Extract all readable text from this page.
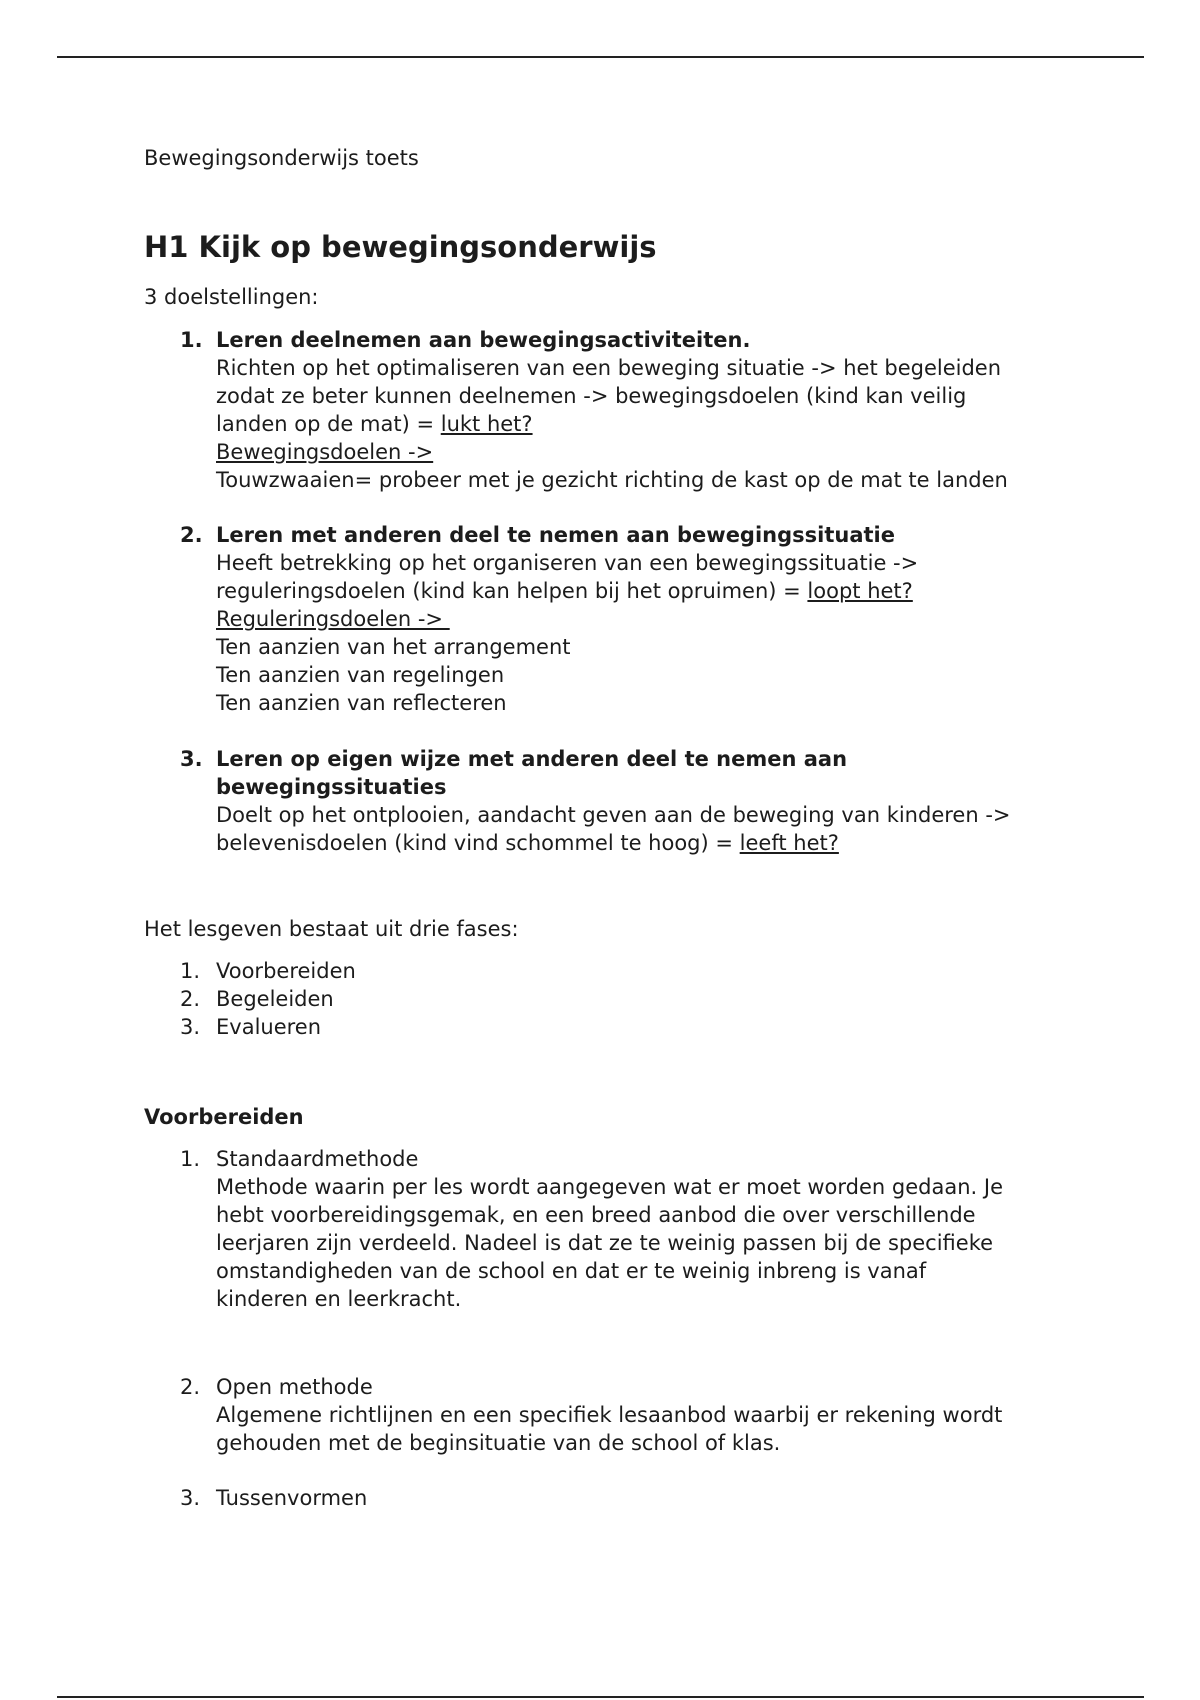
Bewegingsonderwijs toets

H1 Kijk op bewegingsonderwijs

3 doelstellingen:

1. Leren deelnemen aan bewegingsactiviteiten.
Richten op het optimaliseren van een beweging situatie -> het begeleiden
zodat ze beter kunnen deelnemen -> bewegingsdoelen (kind kan veilig
landen op de mat) = lukt het?
Bewegingsdoelen ->
Touwzwaaien= probeer met je gezicht richting de kast op de mat te landen
2. Leren met anderen deel te nemen aan bewegingssituatie
Heeft betrekking op het organiseren van een bewegingssituatie ->
reguleringsdoelen (kind kan helpen bij het opruimen) = loopt het?
Reguleringsdoelen ->
Ten aanzien van het arrangement
Ten aanzien van regelingen
Ten aanzien van reflecteren
3. Leren op eigen wijze met anderen deel te nemen aan
bewegingssituaties
Doelt op het ontplooien, aandacht geven aan de beweging van kinderen ->
belevenisdoelen (kind vind schommel te hoog) = leeft het?

Het lesgeven bestaat uit drie fases:

1. Voorbereiden
2. Begeleiden
3. Evalueren

Voorbereiden

1. Standaardmethode
Methode waarin per les wordt aangegeven wat er moet worden gedaan. Je
hebt voorbereidingsgemak, en een breed aanbod die over verschillende
leerjaren zijn verdeeld. Nadeel is dat ze te weinig passen bij de specifieke
omstandigheden van de school en dat er te weinig inbreng is vanaf
kinderen en leerkracht.
2. Open methode
Algemene richtlijnen en een specifiek lesaanbod waarbij er rekening wordt
gehouden met de beginsituatie van de school of klas.
3. Tussenvormen
